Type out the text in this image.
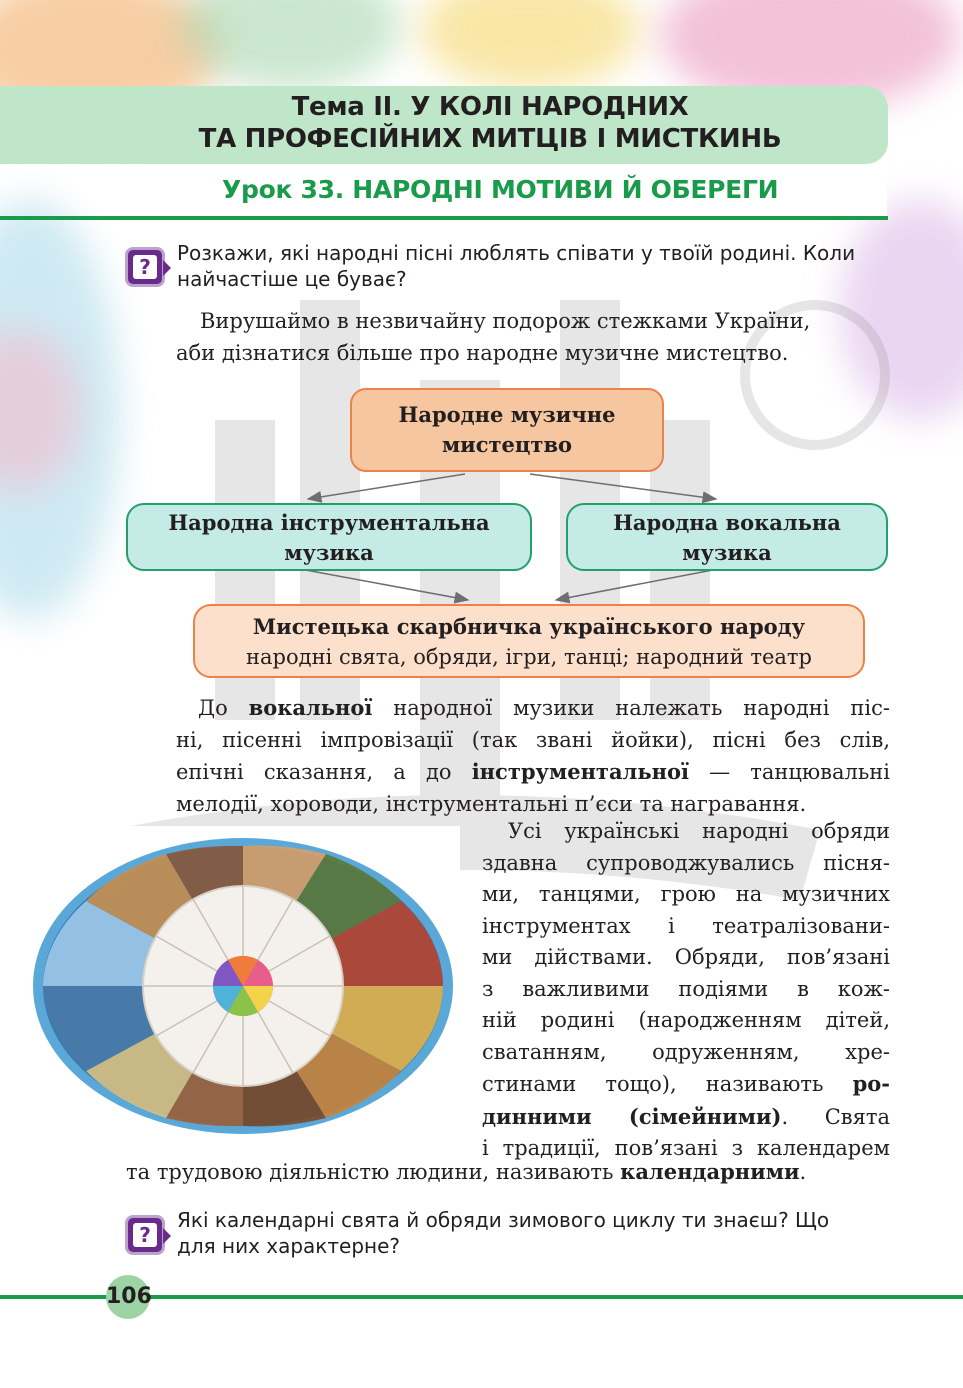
Тема ІІ. У КОЛІ НАРОДНИХ
ТА ПРОФЕСІЙНИХ МИТЦІВ І МИСТКИНЬ
Урок 33. НАРОДНІ МОТИВИ Й ОБЕРЕГИ
?
Розкажи, які народні пісні люблять співати у твоїй родині. Коли
найчастіше це буває?
Вирушаймо в незвичайну подорож стежками України,
аби дізнатися більше про народне музичне мистецтво.
Народне музичне
мистецтво
Народна інструментальна
музика
Народна вокальна
музика
Мистецька скарбничка українського народу
народні свята, обряди, ігри, танці; народний театр
До вокальної народної музики належать народні піс-
ні, пісенні імпровізації (так звані йойки), пісні без слів,
епічні сказання, а до інструментальної — танцювальні
мелодії, хороводи, інструментальні п’єси та награвання.
Усі українські народні обряди
здавна супроводжувались пісня-
ми, танцями, грою на музичних
інструментах і театралізовани-
ми дійствами. Обряди, пов’язані
з важливими подіями в кож-
ній родині (народженням дітей,
сватанням, одруженням, хре-
стинами тощо), називають ро-
динними (сімейними). Свята
і традиції, пов’язані з календарем
та трудовою діяльністю людини, називають календарними.
?
Які календарні свята й обряди зимового циклу ти знаєш? Що
для них характерне?
106
